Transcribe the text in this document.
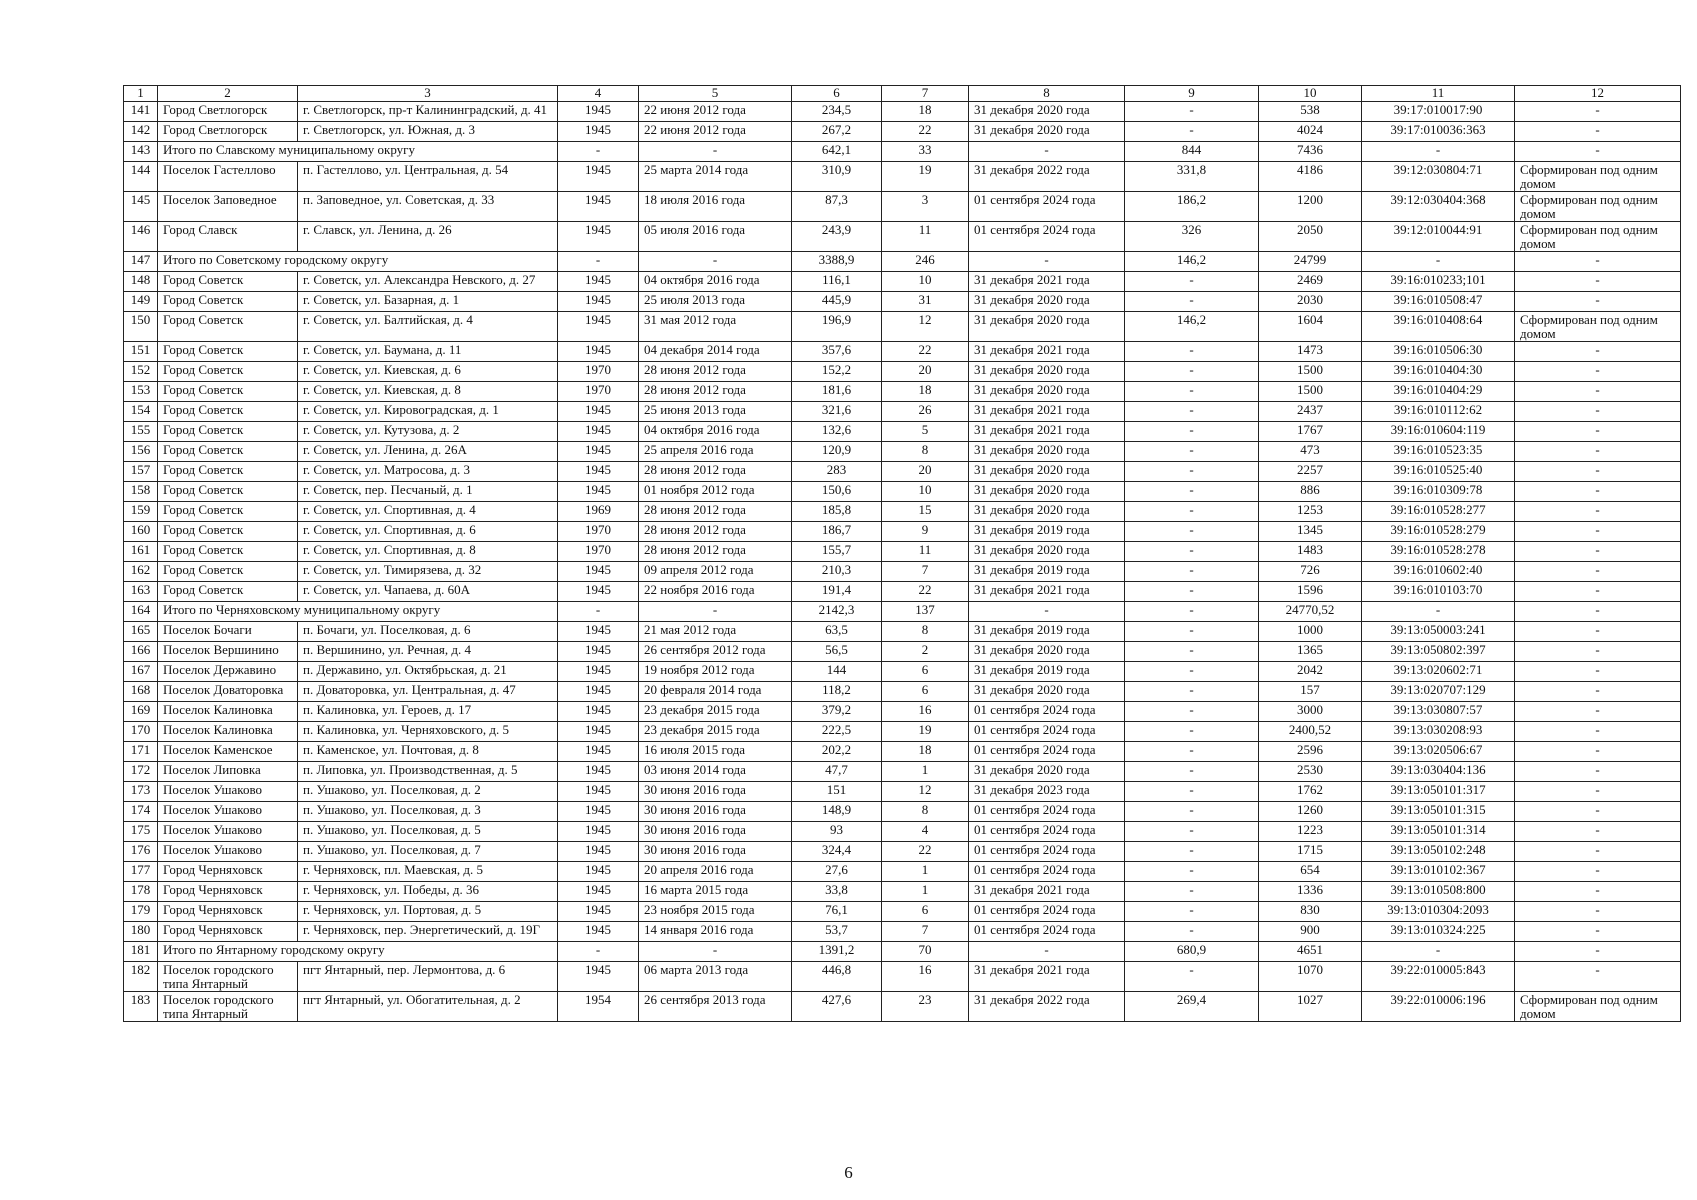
1	2	3	4	5	6	7	8	9	10	11	12
141	Город Светлогорск	г. Светлогорск, пр-т Калининградский, д. 41	1945	22 июня 2012 года	234,5	18	31 декабря 2020 года	-	538	39:17:010017:90	-
142	Город Светлогорск	г. Светлогорск, ул. Южная, д. 3	1945	22 июня 2012 года	267,2	22	31 декабря 2020 года	-	4024	39:17:010036:363	-
143	Итого по Славскому муниципальному округу		-	-	642,1	33	-	844	7436	-	-
144	Поселок Гастеллово	п. Гастеллово, ул. Центральная, д. 54	1945	25 марта 2014 года	310,9	19	31 декабря 2022 года	331,8	4186	39:12:030804:71	Сформирован под одним домом
145	Поселок Заповедное	п. Заповедное, ул. Советская, д. 33	1945	18 июля 2016 года	87,3	3	01 сентября 2024 года	186,2	1200	39:12:030404:368	Сформирован под одним домом
146	Город Славск	г. Славск, ул. Ленина, д. 26	1945	05 июля 2016 года	243,9	11	01 сентября 2024 года	326	2050	39:12:010044:91	Сформирован под одним домом
147	Итого по Советскому городскому округу		-	-	3388,9	246	-	146,2	24799	-	-
148	Город Советск	г. Советск, ул. Александра Невского, д. 27	1945	04 октября 2016 года	116,1	10	31 декабря 2021 года	-	2469	39:16:010233;101	-
149	Город Советск	г. Советск, ул. Базарная, д. 1	1945	25 июля 2013 года	445,9	31	31 декабря 2020 года	-	2030	39:16:010508:47	-
150	Город Советск	г. Советск, ул. Балтийская, д. 4	1945	31 мая 2012 года	196,9	12	31 декабря 2020 года	146,2	1604	39:16:010408:64	Сформирован под одним домом
151	Город Советск	г. Советск, ул. Баумана, д. 11	1945	04 декабря 2014 года	357,6	22	31 декабря 2021 года	-	1473	39:16:010506:30	-
152	Город Советск	г. Советск, ул. Киевская, д. 6	1970	28 июня 2012 года	152,2	20	31 декабря 2020 года	-	1500	39:16:010404:30	-
153	Город Советск	г. Советск, ул. Киевская, д. 8	1970	28 июня 2012 года	181,6	18	31 декабря 2020 года	-	1500	39:16:010404:29	-
154	Город Советск	г. Советск, ул. Кировоградская, д. 1	1945	25 июня 2013 года	321,6	26	31 декабря 2021 года	-	2437	39:16:010112:62	-
155	Город Советск	г. Советск, ул. Кутузова, д. 2	1945	04 октября 2016 года	132,6	5	31 декабря 2021 года	-	1767	39:16:010604:119	-
156	Город Советск	г. Советск, ул. Ленина, д. 26А	1945	25 апреля 2016 года	120,9	8	31 декабря 2020 года	-	473	39:16:010523:35	-
157	Город Советск	г. Советск, ул. Матросова, д. 3	1945	28 июня 2012 года	283	20	31 декабря 2020 года	-	2257	39:16:010525:40	-
158	Город Советск	г. Советск, пер. Песчаный, д. 1	1945	01 ноября 2012 года	150,6	10	31 декабря 2020 года	-	886	39:16:010309:78	-
159	Город Советск	г. Советск, ул. Спортивная, д. 4	1969	28 июня 2012 года	185,8	15	31 декабря 2020 года	-	1253	39:16:010528:277	-
160	Город Советск	г. Советск, ул. Спортивная, д. 6	1970	28 июня 2012 года	186,7	9	31 декабря 2019 года	-	1345	39:16:010528:279	-
161	Город Советск	г. Советск, ул. Спортивная, д. 8	1970	28 июня 2012 года	155,7	11	31 декабря 2020 года	-	1483	39:16:010528:278	-
162	Город Советск	г. Советск, ул. Тимирязева, д. 32	1945	09 апреля 2012 года	210,3	7	31 декабря 2019 года	-	726	39:16:010602:40	-
163	Город Советск	г. Советск, ул. Чапаева, д. 60А	1945	22 ноября 2016 года	191,4	22	31 декабря 2021 года	-	1596	39:16:010103:70	-
164	Итого по Черняховскому муниципальному округу		-	-	2142,3	137	-	-	24770,52	-	-
165	Поселок Бочаги	п. Бочаги, ул. Поселковая, д. 6	1945	21 мая 2012 года	63,5	8	31 декабря 2019 года	-	1000	39:13:050003:241	-
166	Поселок Вершинино	п. Вершинино, ул. Речная, д. 4	1945	26 сентября 2012 года	56,5	2	31 декабря 2020 года	-	1365	39:13:050802:397	-
167	Поселок Державино	п. Державино, ул. Октябрьская, д. 21	1945	19 ноября 2012 года	144	6	31 декабря 2019 года	-	2042	39:13:020602:71	-
168	Поселок Доваторовка	п. Доваторовка, ул. Центральная, д. 47	1945	20 февраля 2014 года	118,2	6	31 декабря 2020 года	-	157	39:13:020707:129	-
169	Поселок Калиновка	п. Калиновка, ул. Героев, д. 17	1945	23 декабря 2015 года	379,2	16	01 сентября 2024 года	-	3000	39:13:030807:57	-
170	Поселок Калиновка	п. Калиновка, ул. Черняховского, д. 5	1945	23 декабря 2015 года	222,5	19	01 сентября 2024 года	-	2400,52	39:13:030208:93	-
171	Поселок Каменское	п. Каменское, ул. Почтовая, д. 8	1945	16 июля 2015 года	202,2	18	01 сентября 2024 года	-	2596	39:13:020506:67	-
172	Поселок Липовка	п. Липовка, ул. Производственная, д. 5	1945	03 июня 2014 года	47,7	1	31 декабря 2020 года	-	2530	39:13:030404:136	-
173	Поселок Ушаково	п. Ушаково, ул. Поселковая, д. 2	1945	30 июня 2016 года	151	12	31 декабря 2023 года	-	1762	39:13:050101:317	-
174	Поселок Ушаково	п. Ушаково, ул. Поселковая, д. 3	1945	30 июня 2016 года	148,9	8	01 сентября 2024 года	-	1260	39:13:050101:315	-
175	Поселок Ушаково	п. Ушаково, ул. Поселковая, д. 5	1945	30 июня 2016 года	93	4	01 сентября 2024 года	-	1223	39:13:050101:314	-
176	Поселок Ушаково	п. Ушаково, ул. Поселковая, д. 7	1945	30 июня 2016 года	324,4	22	01 сентября 2024 года	-	1715	39:13:050102:248	-
177	Город Черняховск	г. Черняховск, пл. Маевская, д. 5	1945	20 апреля 2016 года	27,6	1	01 сентября 2024 года	-	654	39:13:010102:367	-
178	Город Черняховск	г. Черняховск, ул. Победы, д. 36	1945	16 марта 2015 года	33,8	1	31 декабря 2021 года	-	1336	39:13:010508:800	-
179	Город Черняховск	г. Черняховск, ул. Портовая, д. 5	1945	23 ноября 2015 года	76,1	6	01 сентября 2024 года	-	830	39:13:010304:2093	-
180	Город Черняховск	г. Черняховск, пер. Энергетический, д. 19Г	1945	14 января 2016 года	53,7	7	01 сентября 2024 года	-	900	39:13:010324:225	-
181	Итого по Янтарному городскому округу		-	-	1391,2	70	-	680,9	4651	-	-
182	Поселок городского типа Янтарный	пгт Янтарный, пер. Лермонтова, д. 6	1945	06 марта 2013 года	446,8	16	31 декабря 2021 года	-	1070	39:22:010005:843	-
183	Поселок городского типа Янтарный	пгт Янтарный, ул. Обогатительная, д. 2	1954	26 сентября 2013 года	427,6	23	31 декабря 2022 года	269,4	1027	39:22:010006:196	Сформирован под одним домом
6
